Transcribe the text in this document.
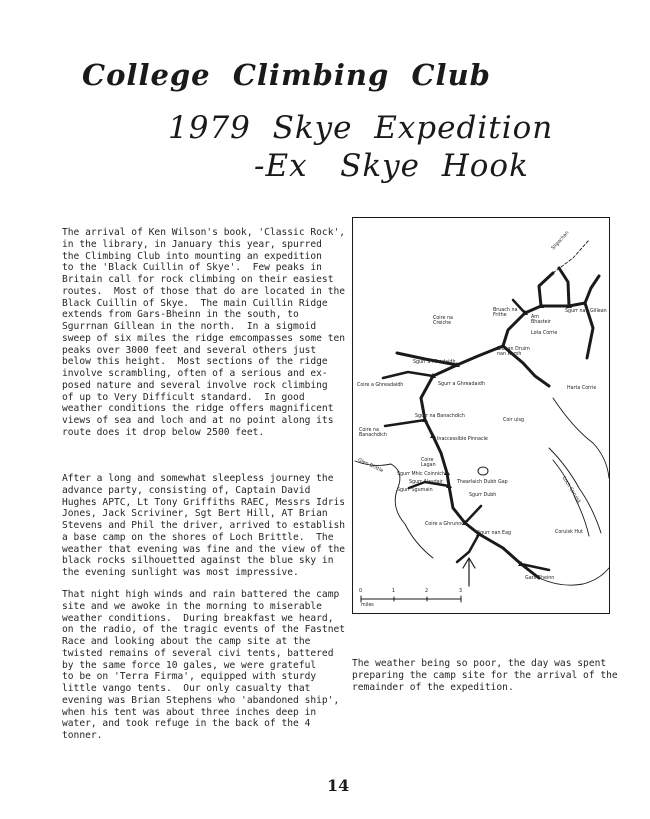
College  Climbing  Club
1979  Skye  Expedition
-Ex   Skye  Hook
The arrival of Ken Wilson's book, 'Classic Rock',
in the library, in January this year, spurred
the Climbing Club into mounting an expedition
to the 'Black Cuillin of Skye'.  Few peaks in
Britain call for rock climbing on their easiest
routes.  Most of those that do are located in the
Black Cuillin of Skye.  The main Cuillin Ridge
extends from Gars-Bheinn in the south, to
Sgurrnan Gillean in the north.  In a sigmoid
sweep of six miles the ridge emcompasses some ten
peaks over 3000 feet and several others just
below this height.  Most sections of the ridge
involve scrambling, often of a serious and ex-
posed nature and several involve rock climbing
of up to Very Difficult standard.  In good
weather conditions the ridge offers magnificent
views of sea and loch and at no point along its
route does it drop below 2500 feet.
After a long and somewhat sleepless journey the
advance party, consisting of, Captain David
Hughes APTC, Lt Tony Griffiths RAEC, Messrs Idris
Jones, Jack Scriviner, Sgt Bert Hill, AT Brian
Stevens and Phil the driver, arrived to establish
a base camp on the shores of Loch Brittle.  The
weather that evening was fine and the view of the
black rocks silhouetted against the blue sky in
the evening sunlight was most impressive.
That night high winds and rain battered the camp
site and we awoke in the morning to miserable
weather conditions.  During breakfast we heard,
on the radio, of the tragic events of the Fastnet
Race and looking about the camp site at the
twisted remains of several civi tents, battered
by the same force 10 gales, we were grateful
to be on 'Terra Firma', equipped with sturdy
little vango tents.  Our only casualty that
evening was Brian Stephens who 'abandoned ship',
when his tent was about three inches deep in
water, and took refuge in the back of the 4
tonner.
The weather being so poor, the day was spent
preparing the camp site for the arrival of the
remainder of the expedition.
Sligachan
Bruach na
Frithe	Am
Bhasteir
Sgurr nan Gillean
Coire na
Creiche
Lota Corrie
Bidean Druim
nan Ramh
Sgurr a Mhadaidh
Harta Corrie
Coire a Ghreadaidh	Sgurr a Ghreadaidh
Sgurr na Banachdich
Coir uisg
Coire na
Banachdich
Inaccessible Pinnacle
Glen Brittle	Coire
Lagan
Loch Coruisk
Sgurr Mhic Coinnich
Thearlaich Dubh Gap
Sgurr Alasdair
Sgurr Sgumain
Sgurr Dubh
Coire a Ghrunnda
Sgurr nan Eag	Coruisk Hut
Gars Bheinn
0	1	2	3
miles
14
